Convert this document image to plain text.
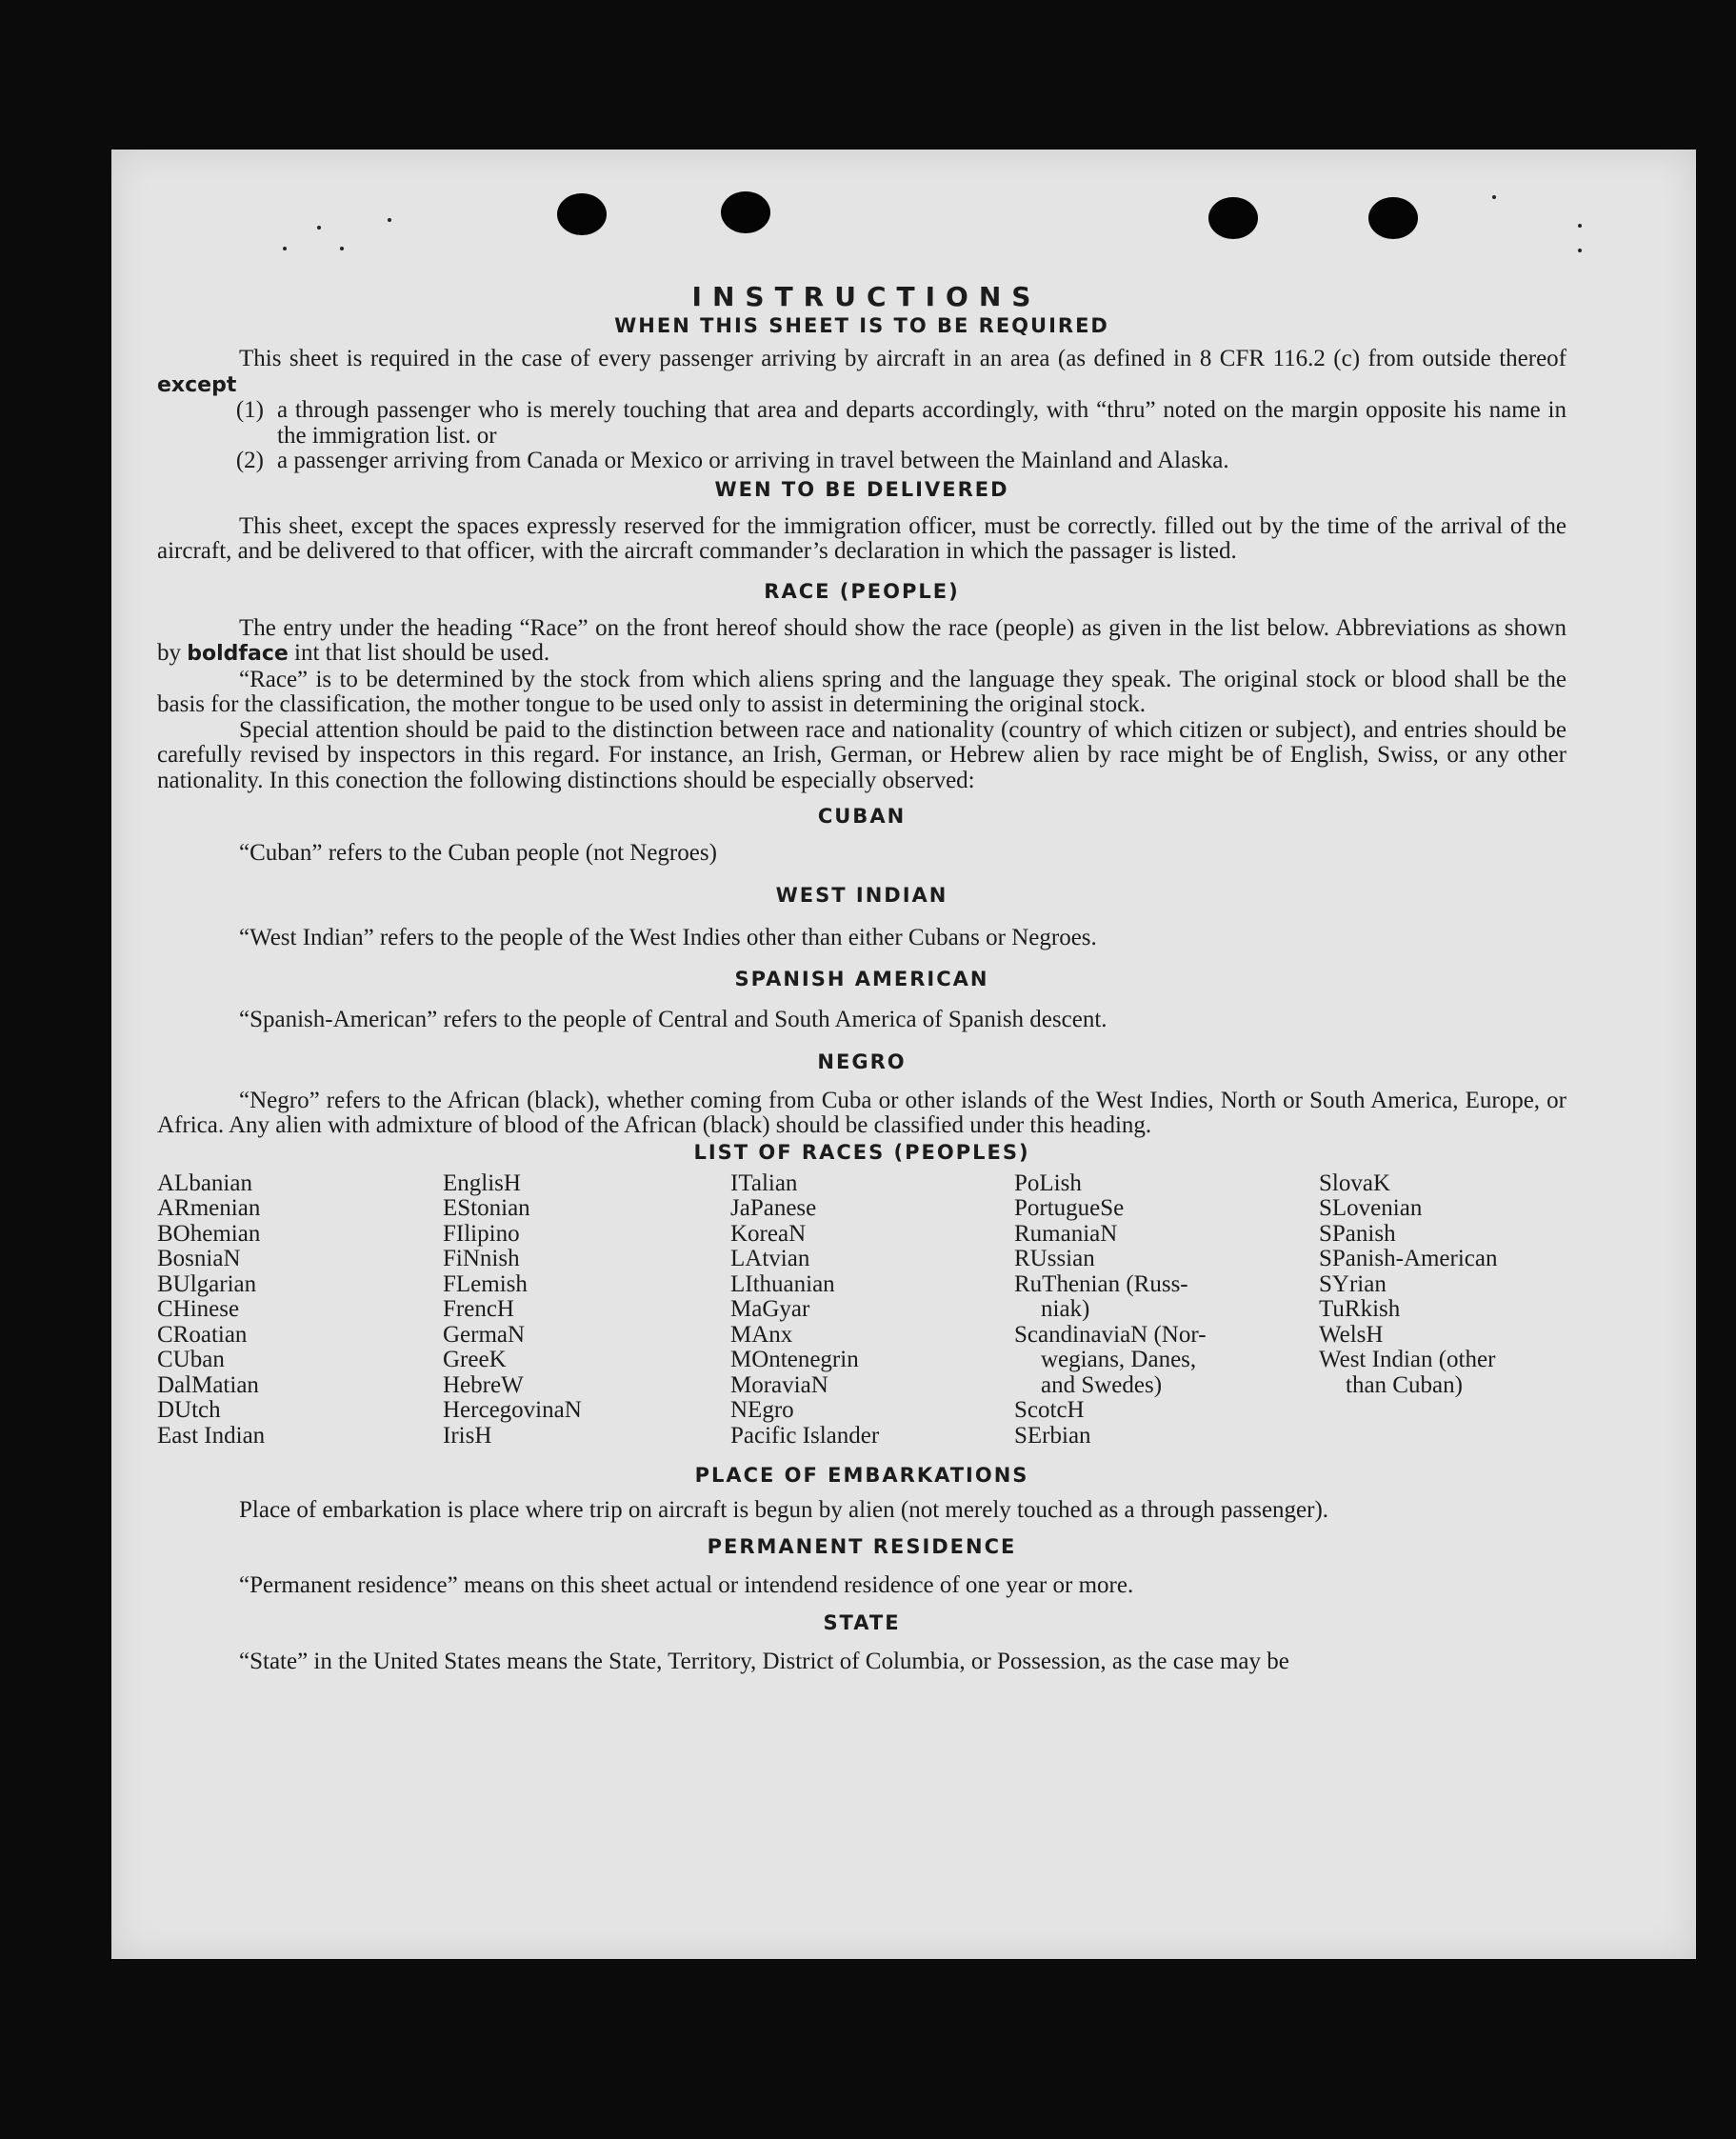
INSTRUCTIONS
WHEN THIS SHEET IS TO BE REQUIRED

This sheet is required in the case of every passenger arriving by aircraft in an area (as defined in 8 CFR 116.2 (c) from outside thereof except

(1) a through passenger who is merely touching that area and departs accordingly, with “thru” noted on the margin opposite his name in the immigration list. or
(2) a passenger arriving from Canada or Mexico or arriving in travel between the Mainland and Alaska.
WEN TO BE DELIVERED

This sheet, except the spaces expressly reserved for the immigration officer, must be correctly. filled out by the time of the arrival of the aircraft, and be delivered to that officer, with the aircraft commander’s declaration in which the passager is listed.

RACE (PEOPLE)

The entry under the heading “Race” on the front hereof should show the race (people) as given in the list below. Abbreviations as shown by boldface int that list should be used.

“Race” is to be determined by the stock from which aliens spring and the language they speak. The original stock or blood shall be the basis for the classification, the mother tongue to be used only to assist in determining the original stock.

Special attention should be paid to the distinction between race and nationality (country of which citizen or subject), and entries should be carefully revised by inspectors in this regard. For instance, an Irish, German, or Hebrew alien by race might be of English, Swiss, or any other nationality. In this conection the following distinctions should be especially observed:

CUBAN

“Cuban” refers to the Cuban people (not Negroes)

WEST INDIAN

“West Indian” refers to the people of the West Indies other than either Cubans or Negroes.

SPANISH AMERICAN

“Spanish-American” refers to the people of Central and South America of Spanish descent.

NEGRO

“Negro” refers to the African (black), whether coming from Cuba or other islands of the West Indies, North or South America, Europe, or Africa. Any alien with admixture of blood of the African (black) should be classified under this heading.

LIST OF RACES (PEOPLES)
ALbanian
ARmenian
BOhemian
BosniaN
BUlgarian
CHinese
CRoatian
CUban
DalMatian
DUtch
East Indian
EnglisH
EStonian
FIlipino
FiNnish
FLemish
FrencH
GermaN
GreeK
HebreW
HercegovinaN
IrisH
ITalian
JaPanese
KoreaN
LAtvian
LIthuanian
MaGyar
MAnx
MOntenegrin
MoraviaN
NEgro
Pacific Islander
PoLish
PortugueSe
RumaniaN
RUssian
RuThenian (Russ-
niak)
ScandinaviaN (Nor-
wegians, Danes,
and Swedes)
ScotcH
SErbian
SlovaK
SLovenian
SPanish
SPanish-American
SYrian
TuRkish
WelsH
West Indian (other
than Cuban)
PLACE OF EMBARKATIONS

Place of embarkation is place where trip on aircraft is begun by alien (not merely touched as a through passenger).

PERMANENT RESIDENCE

“Permanent residence” means on this sheet actual or intendend residence of one year or more.

STATE

“State” in the United States means the State, Territory, District of Columbia, or Possession, as the case may be
